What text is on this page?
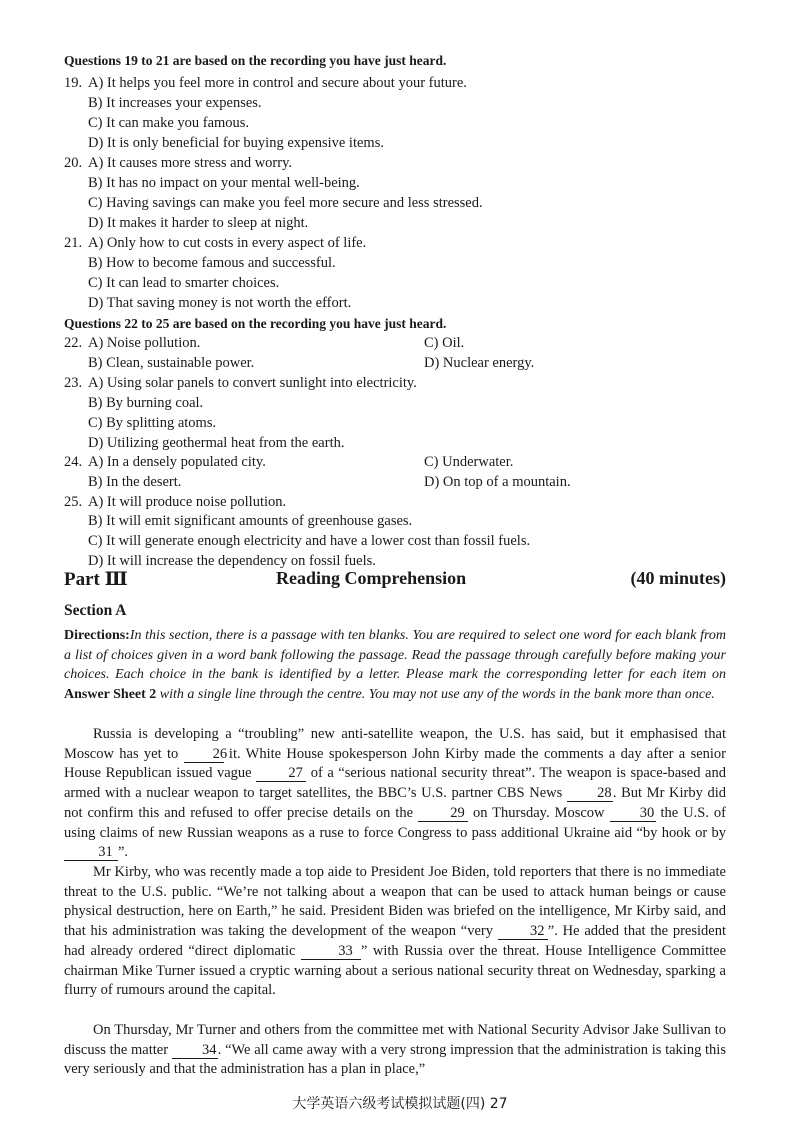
Questions 19 to 21 are based on the recording you have just heard.
19. A) It helps you feel more in control and secure about your future.
B) It increases your expenses.
C) It can make you famous.
D) It is only beneficial for buying expensive items.
20. A) It causes more stress and worry.
B) It has no impact on your mental well-being.
C) Having savings can make you feel more secure and less stressed.
D) It makes it harder to sleep at night.
21. A) Only how to cut costs in every aspect of life.
B) How to become famous and successful.
C) It can lead to smarter choices.
D) That saving money is not worth the effort.
Questions 22 to 25 are based on the recording you have just heard.
22. A) Noise pollution.	C) Oil.
B) Clean, sustainable power.	D) Nuclear energy.
23. A) Using solar panels to convert sunlight into electricity.
B) By burning coal.
C) By splitting atoms.
D) Utilizing geothermal heat from the earth.
24. A) In a densely populated city.	C) Underwater.
B) In the desert.	D) On top of a mountain.
25. A) It will produce noise pollution.
B) It will emit significant amounts of greenhouse gases.
C) It will generate enough electricity and have a lower cost than fossil fuels.
D) It will increase the dependency on fossil fuels.
Part Ⅲ	Reading Comprehension	(40 minutes)
Section A
Directions:In this section, there is a passage with ten blanks. You are required to select one word for each blank from a list of choices given in a word bank following the passage. Read the passage through carefully before making your choices. Each choice in the bank is identified by a letter. Please mark the corresponding letter for each item on Answer Sheet 2 with a single line through the centre. You may not use any of the words in the bank more than once.
Russia is developing a “troubling” new anti-satellite weapon, the U.S. has said, but it emphasised that Moscow has yet to 26 it. White House spokesperson John Kirby made the comments a day after a senior House Republican issued vague 27 of a “serious national security threat”. The weapon is space-based and armed with a nuclear weapon to target satellites, the BBC’s U.S. partner CBS News 28. But Mr Kirby did not confirm this and refused to offer precise details on the 29 on Thursday. Moscow 30 the U.S. of using claims of new Russian weapons as a ruse to force Congress to pass additional Ukraine aid “by hook or by 31 ”.
Mr Kirby, who was recently made a top aide to President Joe Biden, told reporters that there is no immediate threat to the U.S. public. “We’re not talking about a weapon that can be used to attack human beings or cause physical destruction, here on Earth,” he said. President Biden was briefed on the intelligence, Mr Kirby said, and that his administration was taking the development of the weapon “very 32 ”. He added that the president had already ordered “direct diplomatic	33 ” with Russia over the threat. House Intelligence Committee chairman Mike Turner issued a cryptic warning about a serious national security threat on Wednesday, sparking a flurry of rumours around the capital.
On Thursday, Mr Turner and others from the committee met with National Security Advisor Jake Sullivan to discuss the matter 34. “We all came away with a very strong impression that the administration is taking this very seriously and that the administration has a plan in place,”
大学英语六级考试模拟试题(四) 27
